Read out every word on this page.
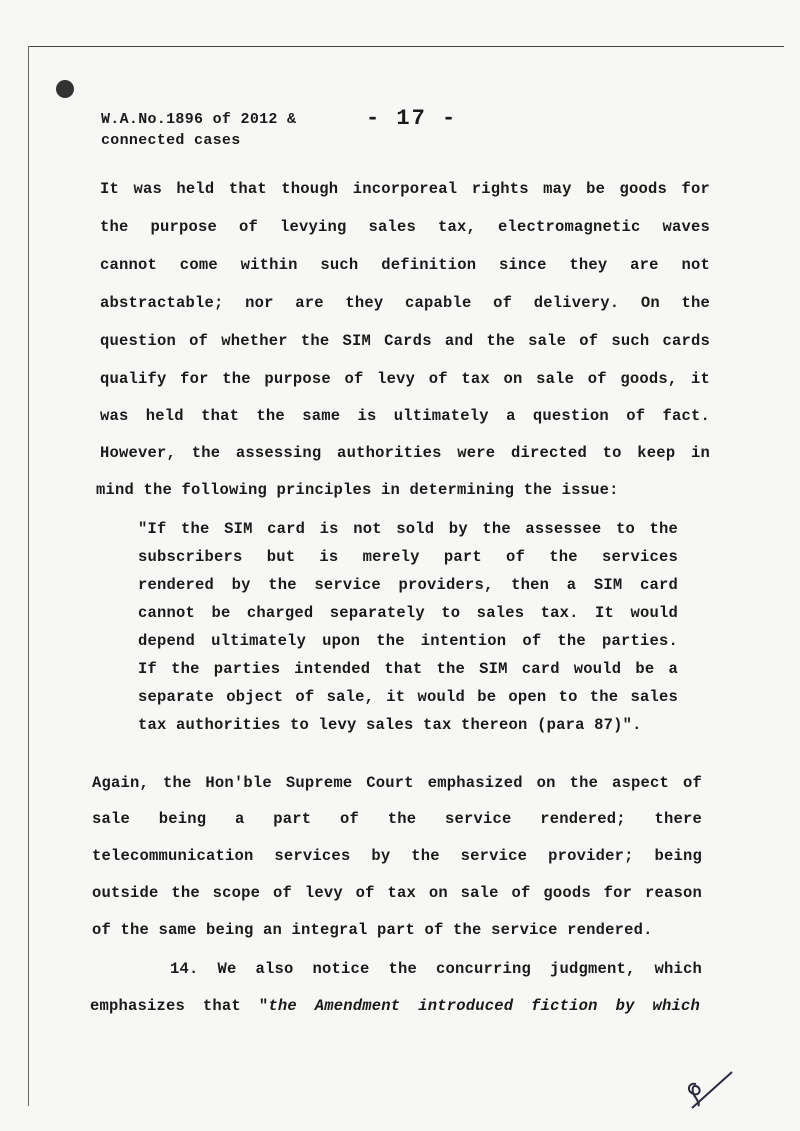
W.A.No.1896 of 2012 &
connected cases
- 17 -
It was held that though incorporeal rights may be goods for
the purpose of levying sales tax, electromagnetic waves
cannot come within such definition since they are not
abstractable; nor are they capable of delivery. On the
question of whether the SIM Cards and the sale of such cards
qualify for the purpose of levy of tax on sale of goods, it
was held that the same is ultimately a question of fact.
However, the assessing authorities were directed to keep in
mind the following principles in determining the issue:
"If the SIM card is not sold by the assessee to the
subscribers but is merely part of the services
rendered by the service providers, then a SIM card
cannot be charged separately to sales tax. It would
depend ultimately upon the intention of the parties.
If the parties intended that the SIM card would be a
separate object of sale, it would be open to the sales
tax authorities to levy sales tax thereon (para 87)".
Again, the Hon'ble Supreme Court emphasized on the aspect of
sale being a part of the service rendered; there
telecommunication services by the service provider; being
outside the scope of levy of tax on sale of goods for reason
of the same being an integral part of the service rendered.
14. We also notice the concurring judgment, which
emphasizes that "the Amendment introduced fiction by which
